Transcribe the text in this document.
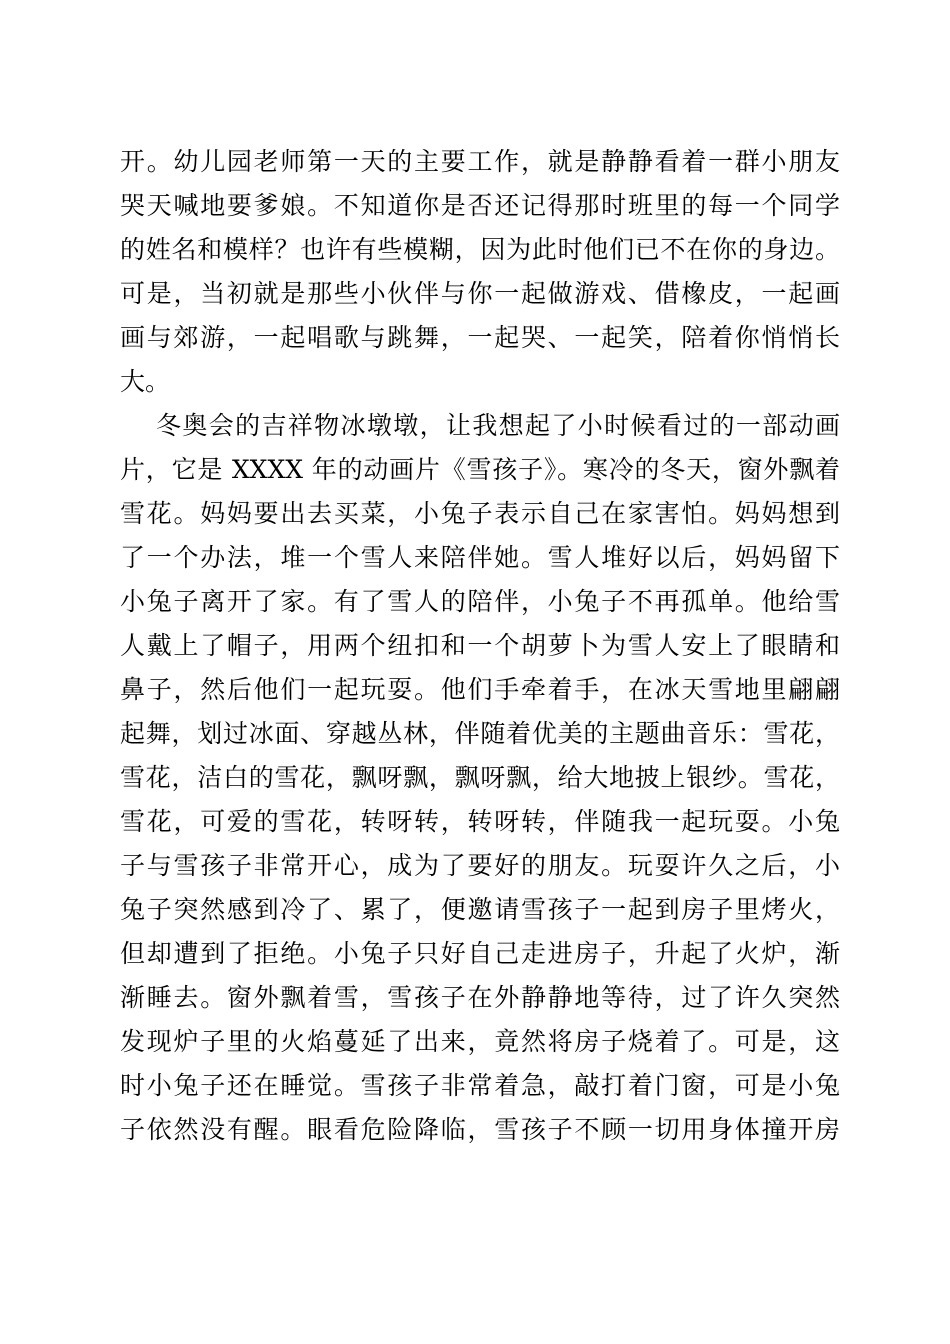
开。幼儿园老师第一天的主要工作，就是静静看着一群小朋友
哭天喊地要爹娘。不知道你是否还记得那时班里的每一个同学
的姓名和模样？也许有些模糊，因为此时他们已不在你的身边。
可是，当初就是那些小伙伴与你一起做游戏、借橡皮，一起画
画与郊游，一起唱歌与跳舞，一起哭、一起笑，陪着你悄悄长
大。
冬奥会的吉祥物冰墩墩，让我想起了小时候看过的一部动画
片，它是 XXXX 年的动画片《雪孩子》。寒冷的冬天，窗外飘着
雪花。妈妈要出去买菜，小兔子表示自己在家害怕。妈妈想到
了一个办法，堆一个雪人来陪伴她。雪人堆好以后，妈妈留下
小兔子离开了家。有了雪人的陪伴，小兔子不再孤单。他给雪
人戴上了帽子，用两个纽扣和一个胡萝卜为雪人安上了眼睛和
鼻子，然后他们一起玩耍。他们手牵着手，在冰天雪地里翩翩
起舞，划过冰面、穿越丛林，伴随着优美的主题曲音乐：雪花，
雪花，洁白的雪花，飘呀飘，飘呀飘，给大地披上银纱。雪花，
雪花，可爱的雪花，转呀转，转呀转，伴随我一起玩耍。小兔
子与雪孩子非常开心，成为了要好的朋友。玩耍许久之后，小
兔子突然感到冷了、累了，便邀请雪孩子一起到房子里烤火，
但却遭到了拒绝。小兔子只好自己走进房子，升起了火炉，渐
渐睡去。窗外飘着雪，雪孩子在外静静地等待，过了许久突然
发现炉子里的火焰蔓延了出来，竟然将房子烧着了。可是，这
时小兔子还在睡觉。雪孩子非常着急，敲打着门窗，可是小兔
子依然没有醒。眼看危险降临，雪孩子不顾一切用身体撞开房
